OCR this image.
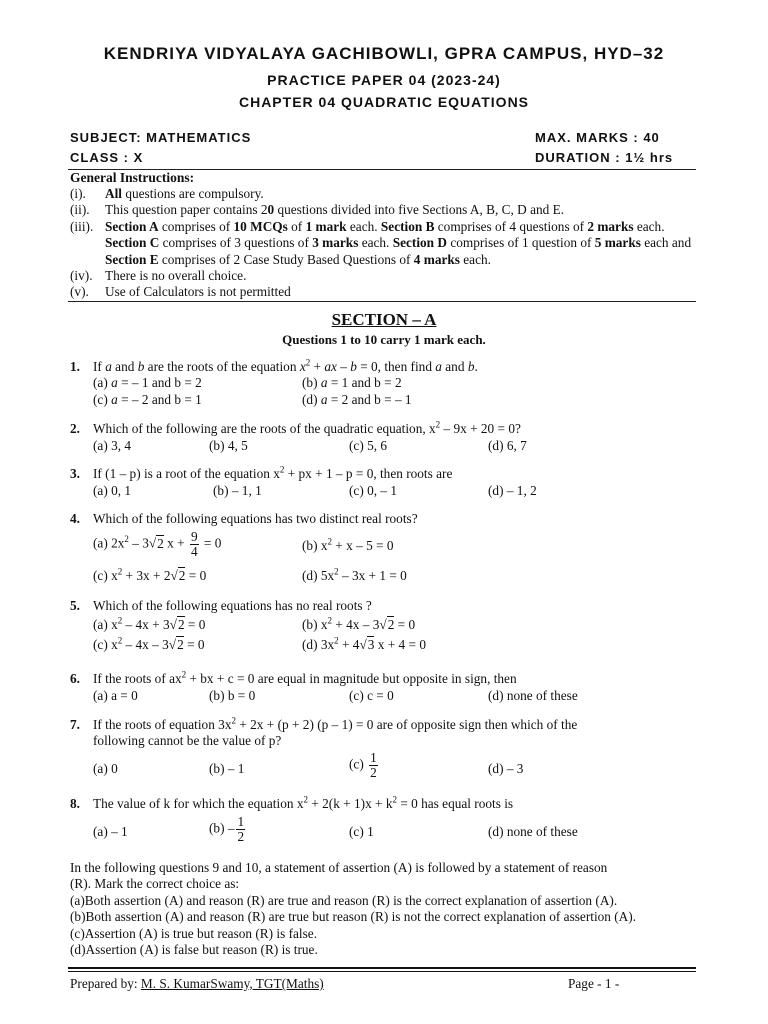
KENDRIYA VIDYALAYA GACHIBOWLI, GPRA CAMPUS, HYD–32
PRACTICE PAPER 04 (2023-24)
CHAPTER 04 QUADRATIC EQUATIONS
SUBJECT: MATHEMATICS
CLASS : X
MAX. MARKS : 40
DURATION : 1½ hrs
General Instructions:
(i).	All questions are compulsory.
(ii).	This question paper contains 20 questions divided into five Sections A, B, C, D and E.
(iii). Section A comprises of 10 MCQs of 1 mark each. Section B comprises of 4 questions of 2 marks each. Section C comprises of 3 questions of 3 marks each. Section D comprises of 1 question of 5 marks each and Section E comprises of 2 Case Study Based Questions of 4 marks each.
(iv). There is no overall choice.
(v).	Use of Calculators is not permitted
SECTION – A
Questions 1 to 10 carry 1 mark each.
1. If a and b are the roots of the equation $x^2$ + ax – b = 0, then find a and b.
(a) a = – 1 and b = 2	(b) a = 1 and b = 2
(c) a = – 2 and b = 1	(d) a = 2 and b = – 1
2. Which of the following are the roots of the quadratic equation, $x^2 - 9x + 20 = 0$?
(a) 3, 4	(b) 4, 5	(c) 5, 6	(d) 6, 7
3. If (1 – p) is a root of the equation $x^2$ + px + 1 – p = 0, then roots are
(a) 0, 1	(b) – 1, 1	(c) 0, – 1	(d) – 1, 2
4. Which of the following equations has two distinct real roots?
(a) $2x^2 - 3√2$ $x + \frac{9}{4} = 0$	(b) $x^2 + x - 5 = 0$
(c) $x^2 + 3x + 2√2 = 0$	(d) $5x^2 - 3x + 1 = 0$
5. Which of the following equations has no real roots ?
(a) $x^2 - 4x + 3√2 = 0$	(b) $x^2 + 4x - 3√2 = 0$
(c) $x^2 - 4x - 3√2 = 0$	(d) $3x^2 + 4√3$ x + 4 = 0
6. If the roots of $ax^2$ + bx + c = 0 are equal in magnitude but opposite in sign, then
(a) a = 0	(b) b = 0	(c) c = 0	(d) none of these
7. If the roots of equation $3x^2 + 2x + (p + 2)$ (p – 1) = 0 are of opposite sign then which of the
following cannot be the value of p?
(a) 0	(b) – 1	$(c) \frac{1}{2}$	(d) – 3
8. The value of k for which the equation $x^2 + 2(k + 1)x + k^2 = 0$ has equal roots is
(a) – 1	$(b) - \frac{1}{2}$	(c) 1	(d) none of these
In the following questions 9 and 10, a statement of assertion (A) is followed by a statement of reason
(R). Mark the correct choice as:
(a)Both assertion (A) and reason (R) are true and reason (R) is the correct explanation of assertion (A).
(b)Both assertion (A) and reason (R) are true but reason (R) is not the correct explanation of assertion (A).
(c)Assertion (A) is true but reason (R) is false.
(d)Assertion (A) is false but reason (R) is true.
Prepared by: M. S. KumarSwamy, TGT(Maths)	Page - 1 -
